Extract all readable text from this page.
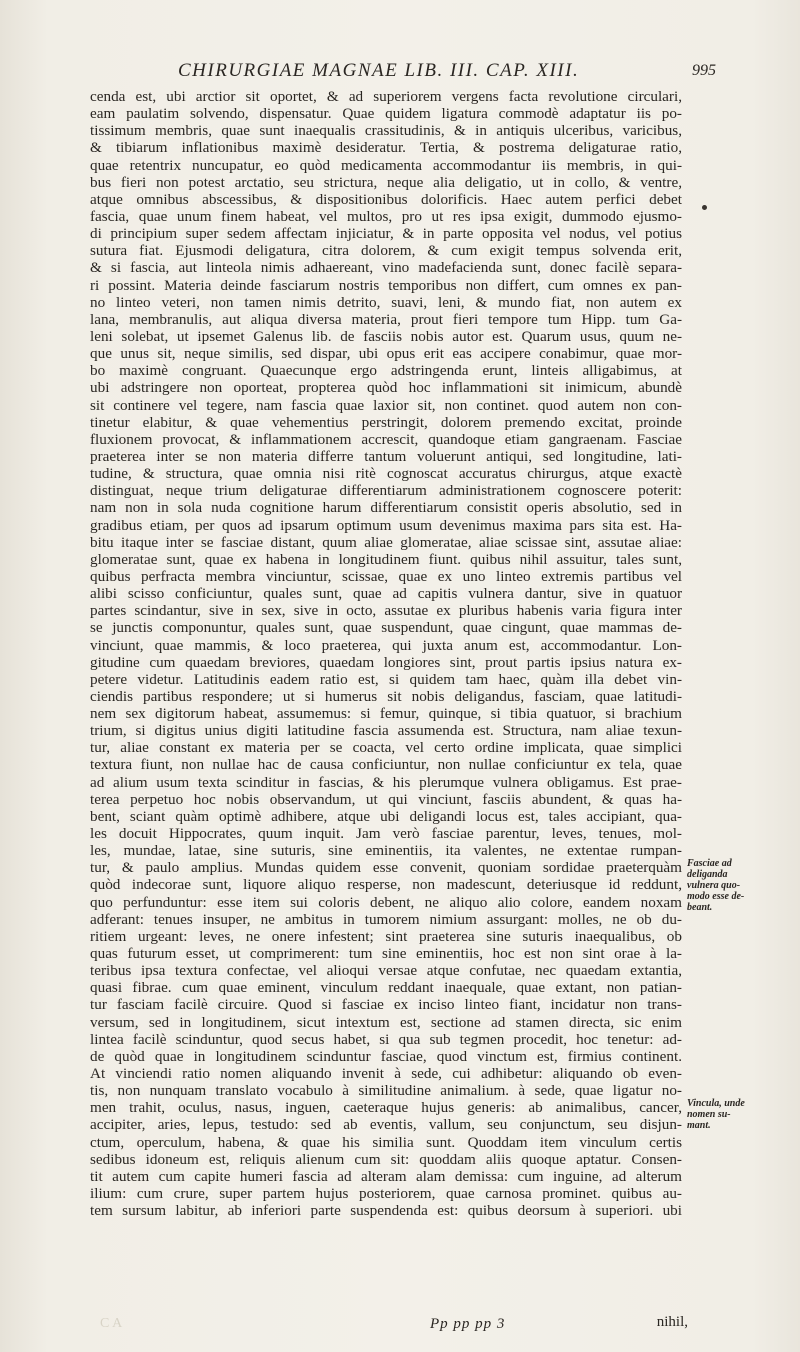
CHIRURGIAE MAGNAE LIB. III. CAP. XIII.	995
cenda est, ubi arctior sit oportet, & ad superiorem vergens facta revolutione circulari,
eam paulatim solvendo, dispensatur. Quae quidem ligatura commodè adaptatur iis po-
tissimum membris, quae sunt inaequalis crassitudinis, & in antiquis ulceribus, varicibus,
& tibiarum inflationibus maximè desideratur. Tertia, & postrema deligaturae ratio,
quae retentrix nuncupatur, eo quòd medicamenta accommodantur iis membris, in qui-
bus fieri non potest arctatio, seu strictura, neque alia deligatio, ut in collo, & ventre,
atque omnibus abscessibus, & dispositionibus dolorificis. Haec autem perfici debet
fascia, quae unum finem habeat, vel multos, pro ut res ipsa exigit, dummodo ejusmo-
di principium super sedem affectam injiciatur, & in parte opposita vel nodus, vel potius
sutura fiat. Ejusmodi deligatura, citra dolorem, & cum exigit tempus solvenda erit,
& si fascia, aut linteola nimis adhaereant, vino madefacienda sunt, donec facilè separa-
ri possint. Materia deinde fasciarum nostris temporibus non differt, cum omnes ex pan-
no linteo veteri, non tamen nimis detrito, suavi, leni, & mundo fiat, non autem ex
lana, membranulis, aut aliqua diversa materia, prout fieri tempore tum Hipp. tum Ga-
leni solebat, ut ipsemet Galenus lib. de fasciis nobis autor est. Quarum usus, quum ne-
que unus sit, neque similis, sed dispar, ubi opus erit eas accipere conabimur, quae mor-
bo maximè congruant. Quaecunque ergo adstringenda erunt, linteis alligabimus, at
ubi adstringere non oporteat, propterea quòd hoc inflammationi sit inimicum, abundè
sit continere vel tegere, nam fascia quae laxior sit, non continet. quod autem non con-
tinetur elabitur, & quae vehementius perstringit, dolorem premendo excitat, proinde
fluxionem provocat, & inflammationem accrescit, quandoque etiam gangraenam. Fasciae
praeterea inter se non materia differre tantum voluerunt antiqui, sed longitudine, lati-
tudine, & structura, quae omnia nisi ritè cognoscat accuratus chirurgus, atque exactè
distinguat, neque trium deligaturae differentiarum administrationem cognoscere poterit:
nam non in sola nuda cognitione harum differentiarum consistit operis absolutio, sed in
gradibus etiam, per quos ad ipsarum optimum usum devenimus maxima pars sita est. Ha-
bitu itaque inter se fasciae distant, quum aliae glomeratae, aliae scissae sint, assutae aliae:
glomeratae sunt, quae ex habena in longitudinem fiunt. quibus nihil assuitur, tales sunt,
quibus perfracta membra vinciuntur, scissae, quae ex uno linteo extremis partibus vel
alibi scisso conficiuntur, quales sunt, quae ad capitis vulnera dantur, sive in quatuor
partes scindantur, sive in sex, sive in octo, assutae ex pluribus habenis varia figura inter
se junctis componuntur, quales sunt, quae suspendunt, quae cingunt, quae mammas de-
vinciunt, quae mammis, & loco praeterea, qui juxta anum est, accommodantur. Lon-
gitudine cum quaedam breviores, quaedam longiores sint, prout partis ipsius natura ex-
petere videtur. Latitudinis eadem ratio est, si quidem tam haec, quàm illa debet vin-
ciendis partibus respondere; ut si humerus sit nobis deligandus, fasciam, quae latitudi-
nem sex digitorum habeat, assumemus: si femur, quinque, si tibia quatuor, si brachium
trium, si digitus unius digiti latitudine fascia assumenda est. Structura, nam aliae texun-
tur, aliae constant ex materia per se coacta, vel certo ordine implicata, quae simplici
textura fiunt, non nullae hac de causa conficiuntur, non nullae conficiuntur ex tela, quae
ad alium usum texta scinditur in fascias, & his plerumque vulnera obligamus. Est prae-
terea perpetuo hoc nobis observandum, ut qui vinciunt, fasciis abundent, & quas ha-
bent, sciant quàm optimè adhibere, atque ubi deligandi locus est, tales accipiant, qua-
les docuit Hippocrates, quum inquit. Jam verò fasciae parentur, leves, tenues, mol-
les, mundae, latae, sine suturis, sine eminentiis, ita valentes, ne extentae rumpan-
tur, & paulo amplius. Mundas quidem esse convenit, quoniam sordidae praeterquàm
quòd indecorae sunt, liquore aliquo resperse, non madescunt, deteriusque id reddunt,
quo perfunduntur: esse item sui coloris debent, ne aliquo alio colore, eandem noxam
adferant: tenues insuper, ne ambitus in tumorem nimium assurgant: molles, ne ob du-
ritiem urgeant: leves, ne onere infestent; sint praeterea sine suturis inaequalibus, ob
quas futurum esset, ut comprimerent: tum sine eminentiis, hoc est non sint orae à la-
teribus ipsa textura confectae, vel alioqui versae atque confutae, nec quaedam extantia,
quasi fibrae. cum quae eminent, vinculum reddant inaequale, quae extant, non patian-
tur fasciam facilè circuire. Quod si fasciae ex inciso linteo fiant, incidatur non trans-
versum, sed in longitudinem, sicut intextum est, sectione ad stamen directa, sic enim
lintea facilè scinduntur, quod secus habet, si qua sub tegmen procedit, hoc tenetur: ad-
de quòd quae in longitudinem scinduntur fasciae, quod vinctum est, firmius continent.
At vinciendi ratio nomen aliquando invenit à sede, cui adhibetur: aliquando ob even-
tis, non nunquam translato vocabulo à similitudine animalium. à sede, quae ligatur no-
men trahit, oculus, nasus, inguen, caeteraque hujus generis: ab animalibus, cancer,
accipiter, aries, lepus, testudo: sed ab eventis, vallum, seu conjunctum, seu disjun-
ctum, operculum, habena, & quae his similia sunt. Quoddam item vinculum certis
sedibus idoneum est, reliquis alienum cum sit: quoddam aliis quoque aptatur. Consen-
tit autem cum capite humeri fascia ad alteram alam demissa: cum inguine, ad alterum
ilium: cum crure, super partem hujus posteriorem, quae carnosa prominet. quibus au-
tem sursum labitur, ab inferiori parte suspendenda est: quibus deorsum à superiori. ubi
Fasciae ad
deliganda
vulnera quo-
modo esse de-
beant.
Vincula, unde
nomen su-
mant.
C A	Pp pp pp 3	nihil,
